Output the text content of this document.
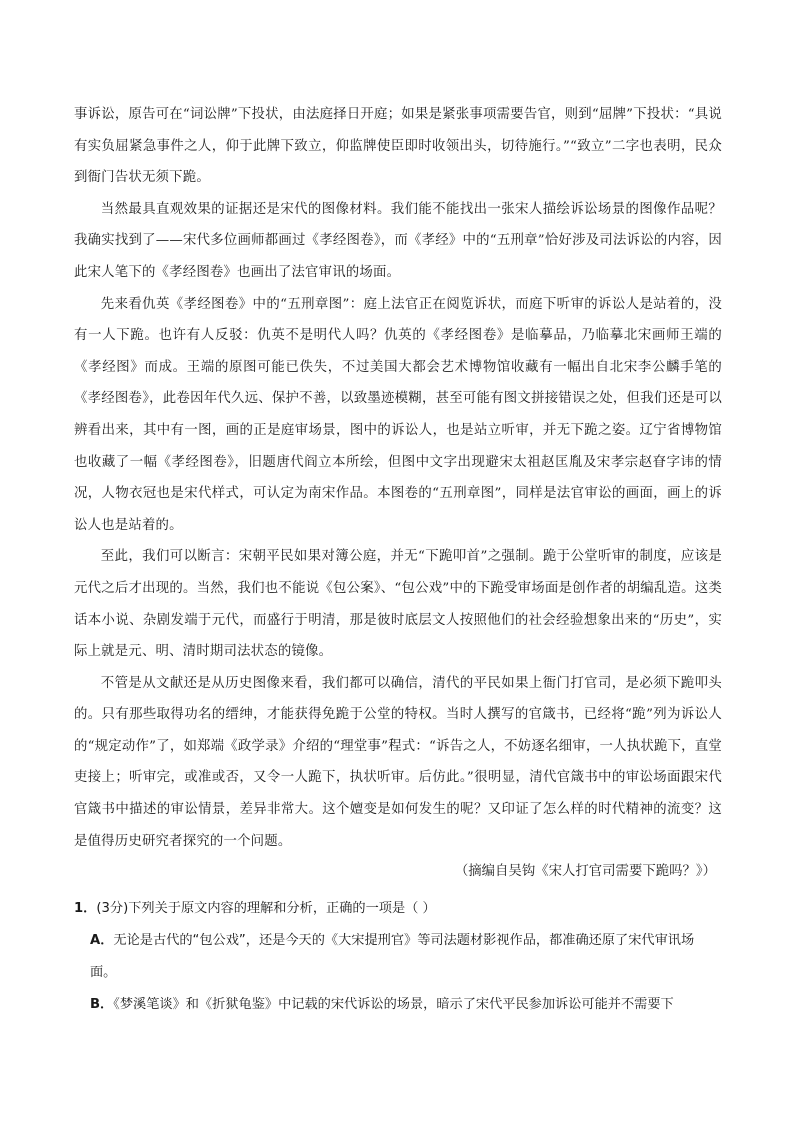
事诉讼，原告可在“词讼牌”下投状，由法庭择日开庭；如果是紧张事项需要告官，则到“屈牌”下投状：“具说有实负屈紧急事件之人，仰于此牌下致立，仰监牌使臣即时收领出头，切待施行。”“致立”二字也表明，民众到衙门告状无须下跪。

当然最具直观效果的证据还是宋代的图像材料。我们能不能找出一张宋人描绘诉讼场景的图像作品呢？我确实找到了——宋代多位画师都画过《孝经图卷》，而《孝经》中的“五刑章”恰好涉及司法诉讼的内容，因此宋人笔下的《孝经图卷》也画出了法官审讯的场面。

先来看仇英《孝经图卷》中的“五刑章图”：庭上法官正在阅览诉状，而庭下听审的诉讼人是站着的，没有一人下跪。也许有人反驳：仇英不是明代人吗？仇英的《孝经图卷》是临摹品，乃临摹北宋画师王端的《孝经图》而成。王端的原图可能已佚失，不过美国大都会艺术博物馆收藏有一幅出自北宋李公麟手笔的《孝经图卷》，此卷因年代久远、保护不善，以致墨迹模糊，甚至可能有图文拼接错误之处，但我们还是可以辨看出来，其中有一图，画的正是庭审场景，图中的诉讼人，也是站立听审，并无下跪之姿。辽宁省博物馆也收藏了一幅《孝经图卷》，旧题唐代阎立本所绘，但图中文字出现避宋太祖赵匡胤及宋孝宗赵眘字讳的情况，人物衣冠也是宋代样式，可认定为南宋作品。本图卷的“五刑章图”，同样是法官审讼的画面，画上的诉讼人也是站着的。

至此，我们可以断言：宋朝平民如果对簿公庭，并无“下跪叩首”之强制。跪于公堂听审的制度，应该是元代之后才出现的。当然，我们也不能说《包公案》、“包公戏”中的下跪受审场面是创作者的胡编乱造。这类话本小说、杂剧发端于元代，而盛行于明清，那是彼时底层文人按照他们的社会经验想象出来的“历史”，实际上就是元、明、清时期司法状态的镜像。

不管是从文献还是从历史图像来看，我们都可以确信，清代的平民如果上衙门打官司，是必须下跪叩头的。只有那些取得功名的缙绅，才能获得免跪于公堂的特权。当时人撰写的官箴书，已经将“跪”列为诉讼人的“规定动作”了，如郑端《政学录》介绍的“理堂事”程式：“诉告之人，不妨逐名细审，一人执状跪下，直堂吏接上；听审完，或准或否，又令一人跪下，执状听审。后仿此。”很明显，清代官箴书中的审讼场面跟宋代官箴书中描述的审讼情景，差异非常大。这个嬗变是如何发生的呢？又印证了怎么样的时代精神的流变？这是值得历史研究者探究的一个问题。

（摘编自吴钩《宋人打官司需要下跪吗？》）

1．(3分)下列关于原文内容的理解和分析，正确的一项是（ ）

A．无论是古代的“包公戏”，还是今天的《大宋提刑官》等司法题材影视作品，都准确还原了宋代审讯场

面。

B．《梦溪笔谈》和《折狱龟鉴》中记载的宋代诉讼的场景，暗示了宋代平民参加诉讼可能并不需要下
